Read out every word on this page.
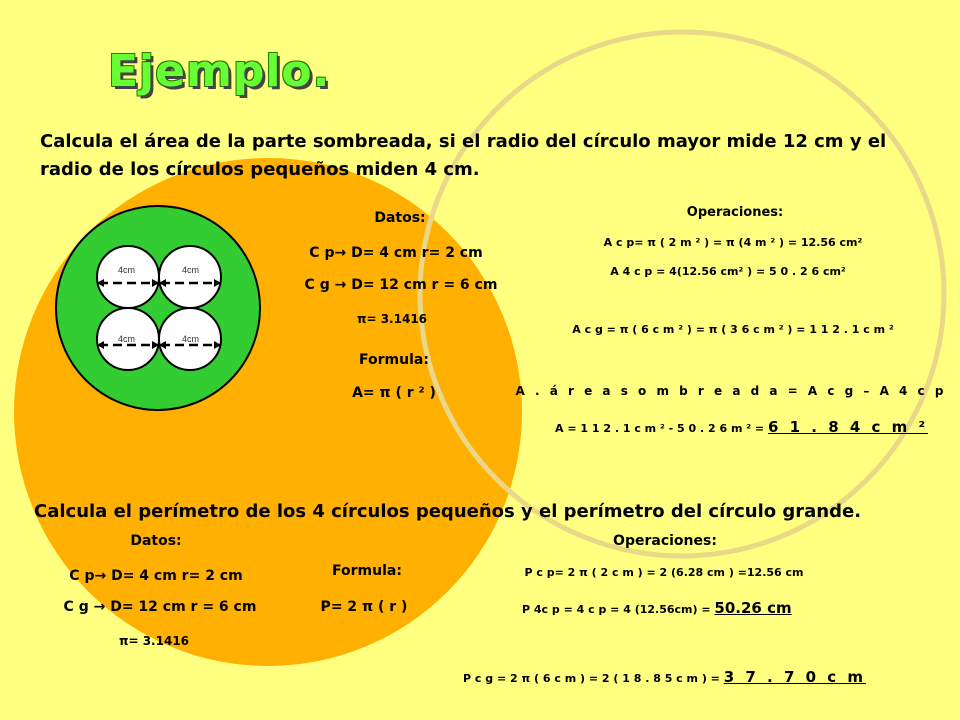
4cm	4cm
4cm	4cm
Ejemplo.
Calcula el área de la parte sombreada, si el radio del círculo mayor mide 12 cm y el
radio de los círculos pequeños miden 4 cm.
Datos:
C p→ D= 4 cm r= 2 cm
C g → D= 12 cm r = 6 cm
π= 3.1416
Formula:
A= π ( r ² )
Operaciones:
A c p= π ( 2 m ² ) = π (4 m ² ) = 12.56 cm²
A 4 c p = 4(12.56 cm² ) = 5 0 . 2 6 cm²
A c g = π ( 6 c m ² ) = π ( 3 6 c m ² ) = 1 1 2 . 1 c m ²
A . á r e a s o m b r e a d a = A c g – A 4 c p
A = 1 1 2 . 1 c m ² - 5 0 . 2 6 m ² = 6 1 . 8 4 c m ²
Calcula el perímetro de los 4 círculos pequeños y el perímetro del círculo grande.
Datos:
C p→ D= 4 cm r= 2 cm
C g → D= 12 cm r = 6 cm
π= 3.1416
Formula:
P= 2 π ( r )
Operaciones:
P c p= 2 π ( 2 c m ) = 2 (6.28 cm ) =12.56 cm
P 4c p = 4 c p = 4 (12.56cm) = 50.26 cm
P c g = 2 π ( 6 c m ) = 2 ( 1 8 . 8 5 c m ) = 3 7 . 7 0 c m
